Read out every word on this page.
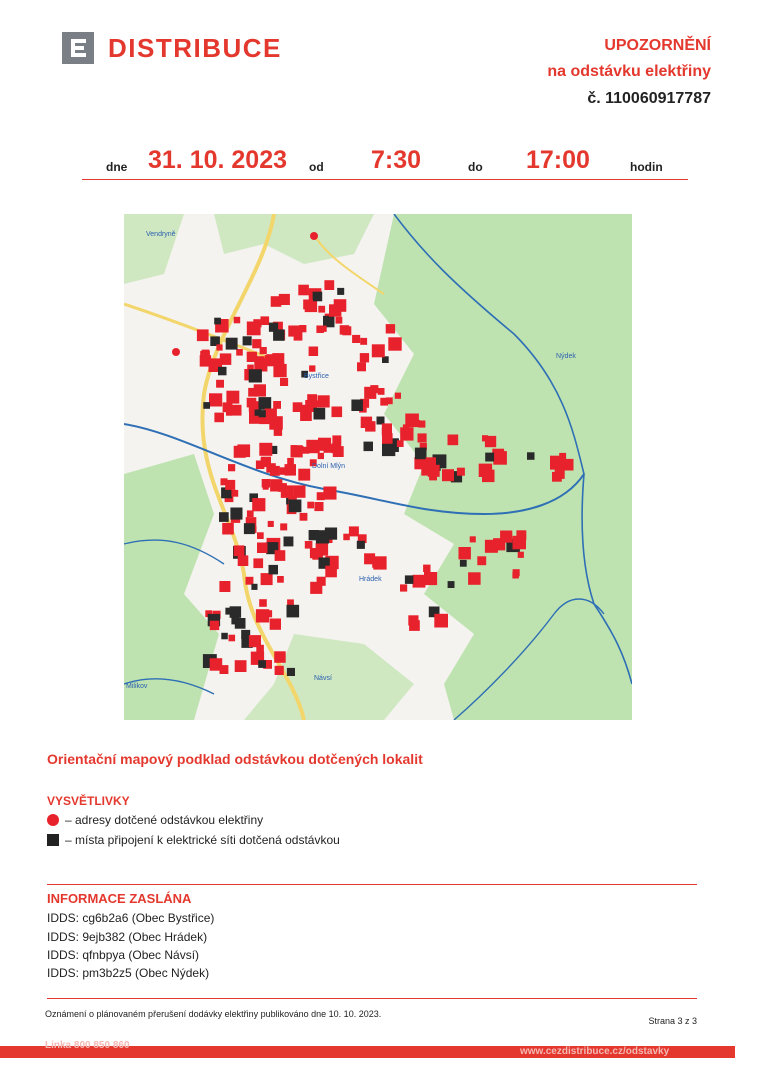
DISTRIBUCE	UPOZORNĚNÍ
na odstávku elektřiny
č. 110060917787
dne 31. 10. 2023 od 7:30	do 17:00	hodin
Vendryně
Bystřice
Nýdek
Hrádek
Návsí
Milikov
Dolní Mlýn
Orientační mapový podklad odstávkou dotčených lokalit
VYSVĚTLIVKY
– adresy dotčené odstávkou elektřiny
– místa připojení k elektrické síti dotčená odstávkou
INFORMACE ZASLÁNA
IDDS: cg6b2a6 (Obec Bystřice)
IDDS: 9ejb382 (Obec Hrádek)
IDDS: qfnbpya (Obec Návsí)
IDDS: pm3b2z5 (Obec Nýdek)
Oznámení o plánovaném přerušení dodávky elektřiny publikováno dne 10. 10. 2023.
Strana 3 z 3
Linka 800 850 860
www.cezdistribuce.cz/odstavky
